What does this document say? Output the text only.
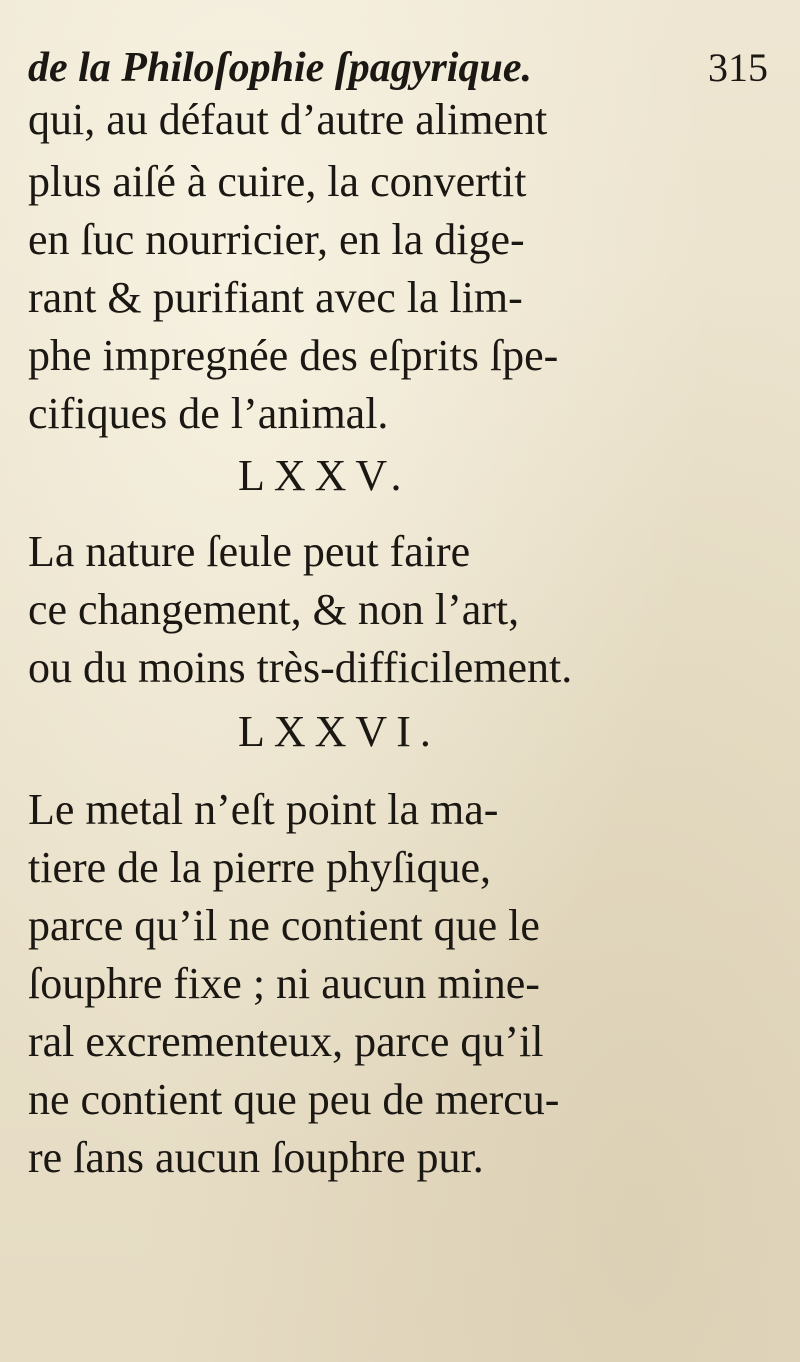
de la Philoſophie ſpagyrique.	315
qui, au défaut d’autre aliment
plus aiſé à cuire, la convertit
en ſuc nourricier, en la dige-
rant & purifiant avec la lim-
phe impregnée des eſprits ſpe-
cifiques de l’animal.
LXXV.
La nature ſeule peut faire
ce changement, & non l’art,
ou du moins très-difficilement.
LXXVI.
Le metal n’eſt point la ma-
tiere de la pierre phyſique,
parce qu’il ne contient que le
ſouphre fixe ; ni aucun mine-
ral excrementeux, parce qu’il
ne contient que peu de mercu-
re ſans aucun ſouphre pur.
